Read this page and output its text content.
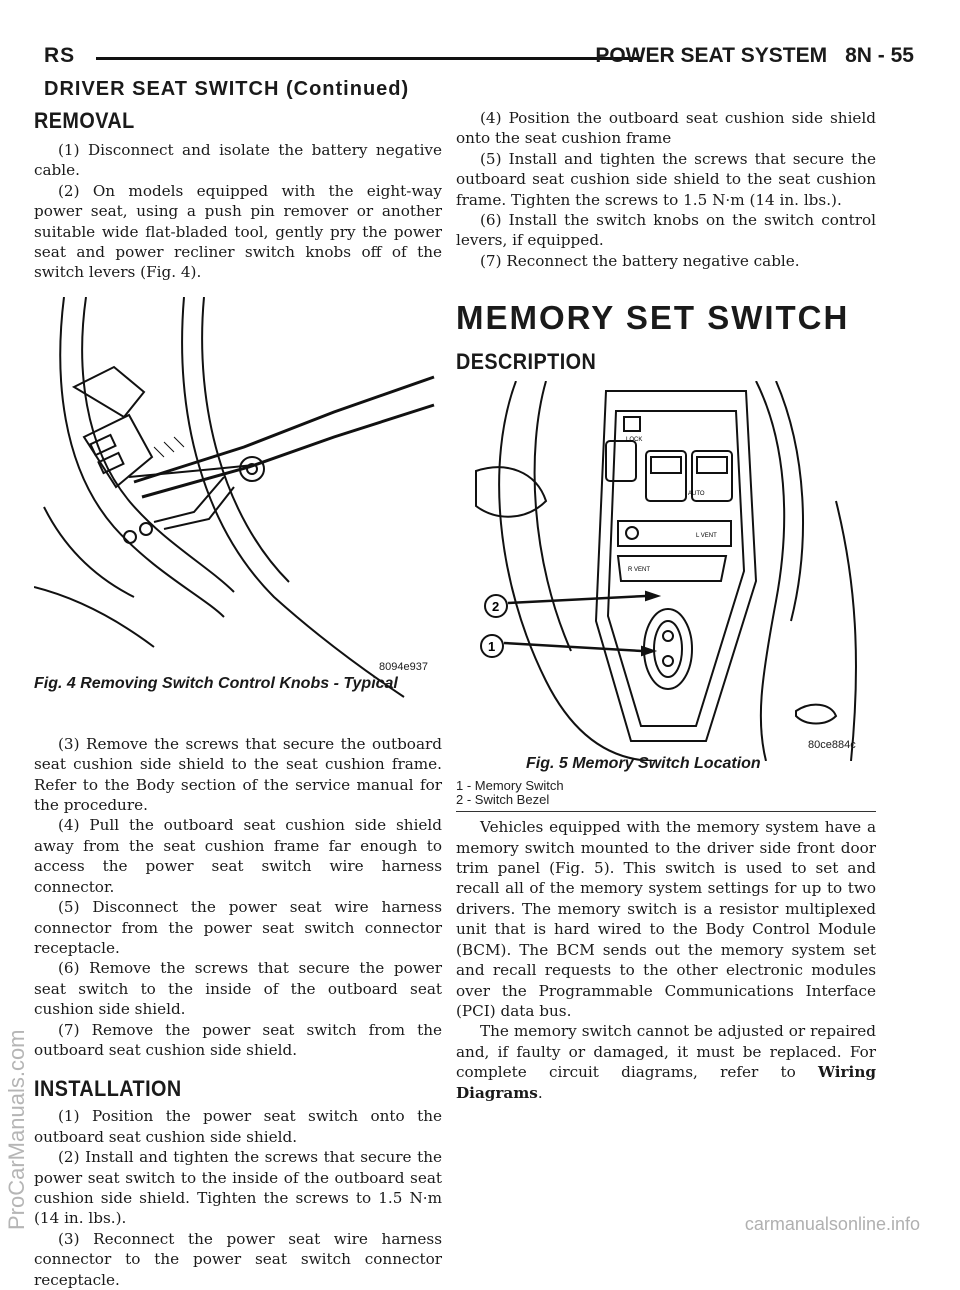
RS	POWER SEAT SYSTEM 8N - 55
DRIVER SEAT SWITCH (Continued)
REMOVAL

(1) Disconnect and isolate the battery negative cable.

(2) On models equipped with the eight-way power seat, using a push pin remover or another suitable wide flat-bladed tool, gently pry the power seat and power recliner switch knobs off of the switch levers (Fig. 4).

8094e937
Fig. 4 Removing Switch Control Knobs - Typical

(3) Remove the screws that secure the outboard seat cushion side shield to the seat cushion frame. Refer to the Body section of the service manual for the procedure.

(4) Pull the outboard seat cushion side shield away from the seat cushion frame far enough to access the power seat switch wire harness connector.

(5) Disconnect the power seat wire harness connector from the power seat switch connector receptacle.

(6) Remove the screws that secure the power seat switch to the inside of the outboard seat cushion side shield.

(7) Remove the power seat switch from the outboard seat cushion side shield.

INSTALLATION

(1) Position the power seat switch onto the outboard seat cushion side shield.

(2) Install and tighten the screws that secure the power seat switch to the inside of the outboard seat cushion side shield. Tighten the screws to 1.5 N·m (14 in. lbs.).

(3) Reconnect the power seat wire harness connector to the power seat switch connector receptacle.

(4) Position the outboard seat cushion side shield onto the seat cushion frame

(5) Install and tighten the screws that secure the outboard seat cushion side shield to the seat cushion frame. Tighten the screws to 1.5 N·m (14 in. lbs.).

(6) Install the switch knobs on the switch control levers, if equipped.

(7) Reconnect the battery negative cable.

MEMORY SET SWITCH
DESCRIPTION
2
1
LOCK
AUTO
L VENT
R VENT
80ce884c
Fig. 5 Memory Switch Location
1 - Memory Switch
2 - Switch Bezel

Vehicles equipped with the memory system have a memory switch mounted to the driver side front door trim panel (Fig. 5). This switch is used to set and recall all of the memory system settings for up to two drivers. The memory switch is a resistor multiplexed unit that is hard wired to the Body Control Module (BCM). The BCM sends out the memory system set and recall requests to the other electronic modules over the Programmable Communications Interface (PCI) data bus.

The memory switch cannot be adjusted or repaired and, if faulty or damaged, it must be replaced. For complete circuit diagrams, refer to Wiring Diagrams.

ProCarManuals.com	carmanualsonline.info
